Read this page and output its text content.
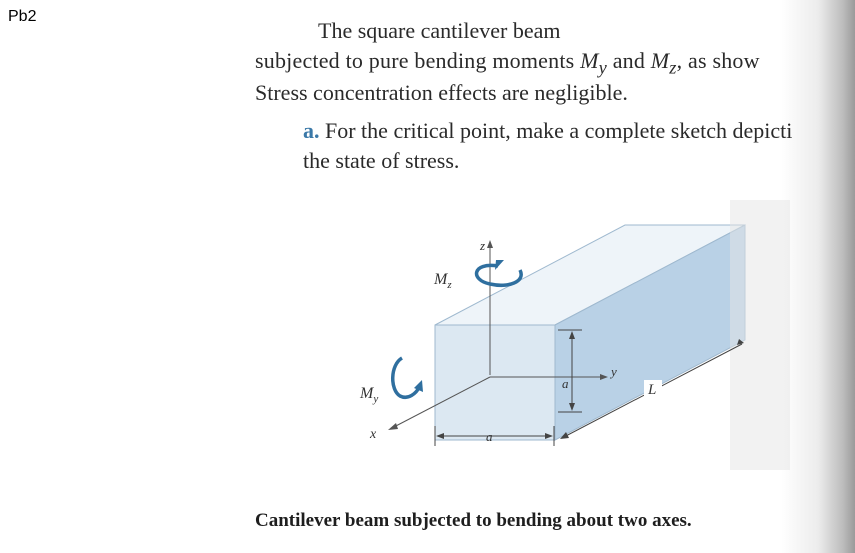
Pb2
The square cantilever beam
subjected to pure bending moments $M_y$ and $M_z$, as show
Stress concentration effects are negligible.
a. For the critical point, make a complete sketch depicti
the state of stress.
z
y
x
$M_z$
$M_y$
a
a
L
Cantilever beam subjected to bending about two axes.
